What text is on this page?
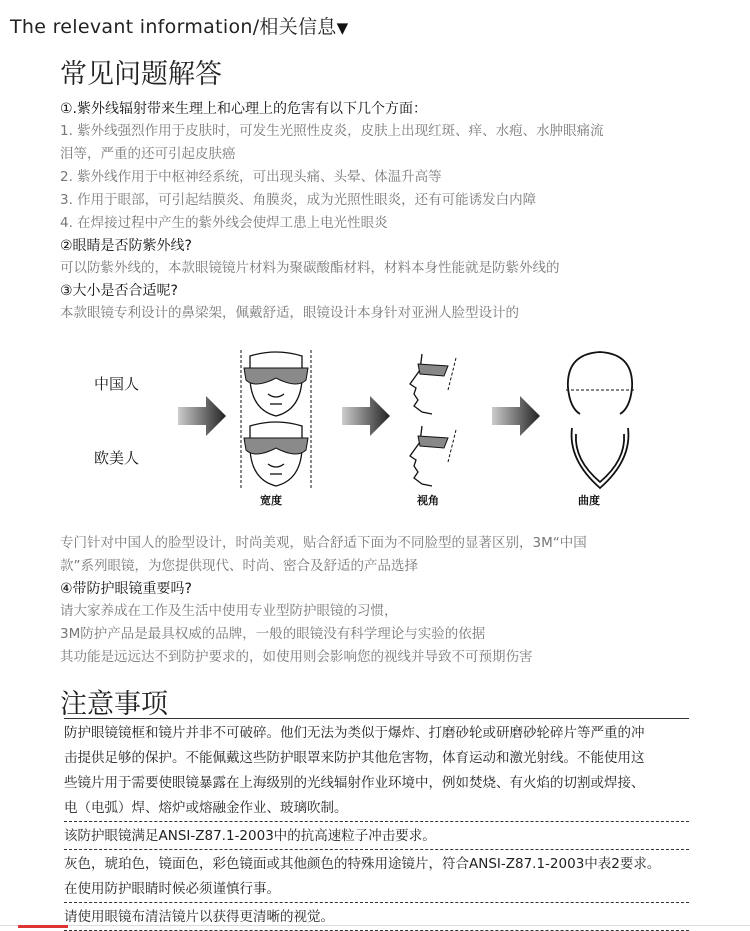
The relevant information/相关信息▼
常见问题解答
①.紫外线辐射带来生理上和心理上的危害有以下几个方面：
1. 紫外线强烈作用于皮肤时，可发生光照性皮炎，皮肤上出现红斑、痒、水疱、水肿眼痛流
泪等，严重的还可引起皮肤癌
2. 紫外线作用于中枢神经系统，可出现头痛、头晕、体温升高等
3. 作用于眼部，可引起结膜炎、角膜炎，成为光照性眼炎，还有可能诱发白内障
4. 在焊接过程中产生的紫外线会使焊工患上电光性眼炎
②眼睛是否防紫外线?
可以防紫外线的，本款眼镜镜片材料为聚碳酸酯材料，材料本身性能就是防紫外线的
③大小是否合适呢?
本款眼镜专利设计的鼻梁架，佩戴舒适，眼镜设计本身针对亚洲人脸型设计的
中国人
欧美人
宽度	视角	曲度
专门针对中国人的脸型设计，时尚美观，贴合舒适下面为不同脸型的显著区别，3M“中国
款”系列眼镜，为您提供现代、时尚、密合及舒适的产品选择
④带防护眼镜重要吗?
请大家养成在工作及生活中使用专业型防护眼镜的习惯，
3M防护产品是最具权威的品牌，一般的眼镜没有科学理论与实验的依据
其功能是远远达不到防护要求的，如使用则会影响您的视线并导致不可预期伤害
注意事项
防护眼镜镜框和镜片并非不可破碎。他们无法为类似于爆炸、打磨砂轮或研磨砂轮碎片等严重的冲
击提供足够的保护。不能佩戴这些防护眼罩来防护其他危害物，体育运动和激光射线。不能使用这
些镜片用于需要使眼镜暴露在上海级别的光线辐射作业环境中，例如焚烧、有火焰的切割或焊接、
电（电弧）焊、熔炉或熔融金作业、玻璃吹制。
该防护眼镜满足ANSI-Z87.1-2003中的抗高速粒子冲击要求。
灰色，琥珀色，镜面色，彩色镜面或其他颜色的特殊用途镜片，符合ANSI-Z87.1-2003中表2要求。
在使用防护眼睛时候必须谨慎行事。
请使用眼镜布清洁镜片以获得更清晰的视觉。
